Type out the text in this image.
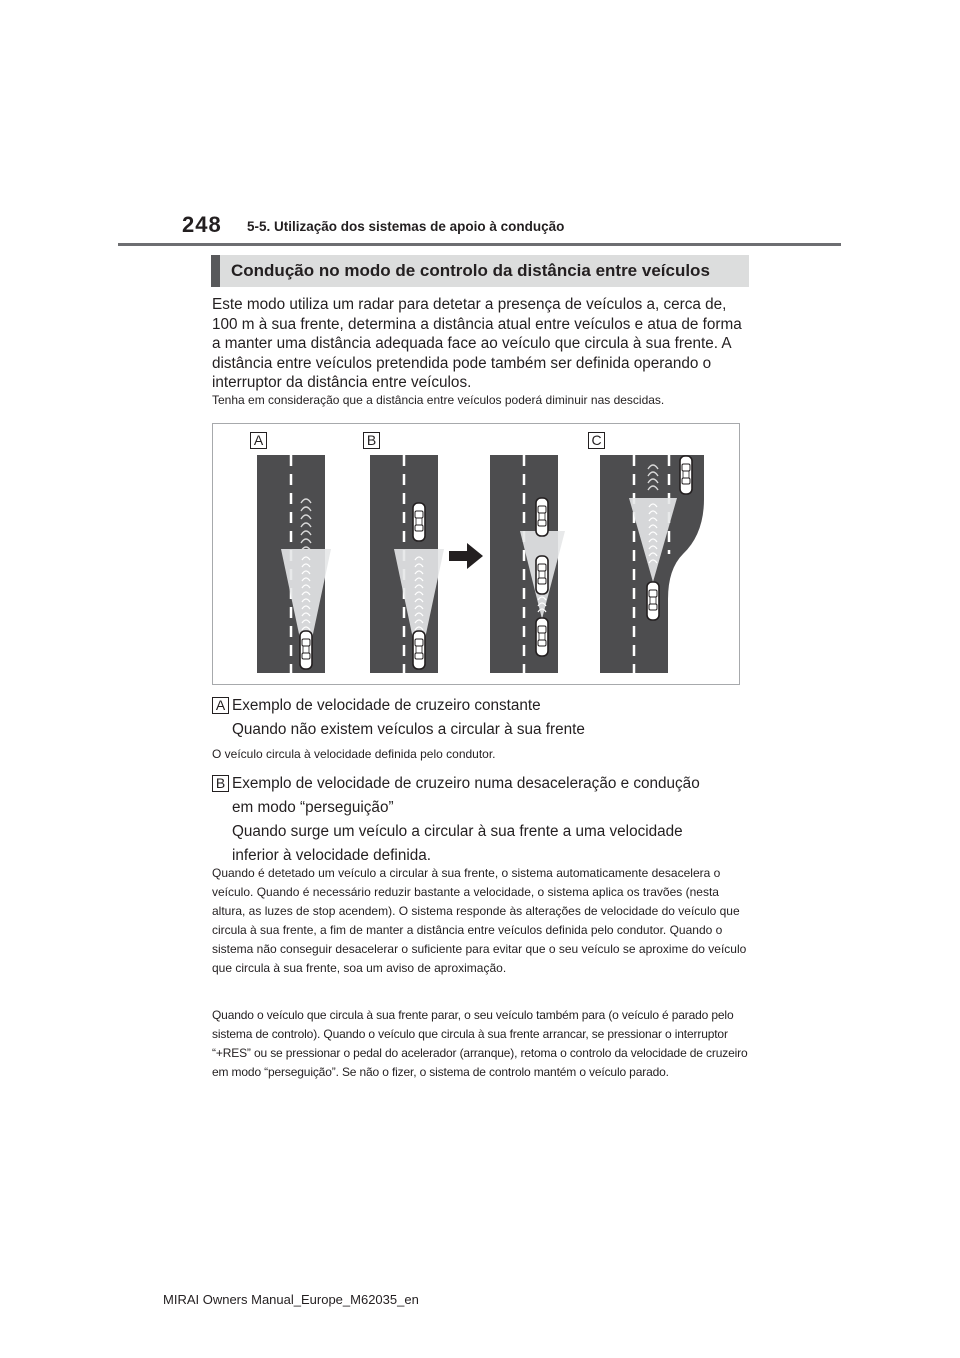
248 5-5. Utilização dos sistemas de apoio à condução
Condução no modo de controlo da distância entre veículos

Este modo utiliza um radar para detetar a presença de veículos a, cerca de, 100 m à sua frente, determina a distância atual entre veículos e atua de forma a manter uma distância adequada face ao veículo que circula à sua frente. A distância entre veículos pretendida pode também ser definida operando o interruptor da distância entre veículos.

Tenha em consideração que a distância entre veículos poderá diminuir nas descidas.

A	B	C
A Exemplo de velocidade de cruzeiro constante

Quando não existem veículos a circular à sua frente

O veículo circula à velocidade definida pelo condutor.

B Exemplo de velocidade de cruzeiro numa desaceleração e condução

em modo “perseguição”

Quando surge um veículo a circular à sua frente a uma velocidade

inferior à velocidade definida.

Quando é detetado um veículo a circular à sua frente, o sistema automaticamente desacelera o veículo. Quando é necessário reduzir bastante a velocidade, o sistema aplica os travões (nesta altura, as luzes de stop acendem). O sistema responde às alterações de velocidade do veículo que circula à sua frente, a fim de manter a distância entre veículos definida pelo condutor. Quando o sistema não conseguir desacelerar o suficiente para evitar que o seu veículo se aproxime do veículo que circula à sua frente, soa um aviso de aproximação.

Quando o veículo que circula à sua frente parar, o seu veículo também para (o veículo é parado pelo sistema de controlo). Quando o veículo que circula à sua frente arrancar, se pressionar o interruptor “+RES” ou se pressionar o pedal do acelerador (arranque), retoma o controlo da velocidade de cruzeiro em modo “perseguição”. Se não o fizer, o sistema de controlo mantém o veículo parado.

MIRAI Owners Manual_Europe_M62035_en
